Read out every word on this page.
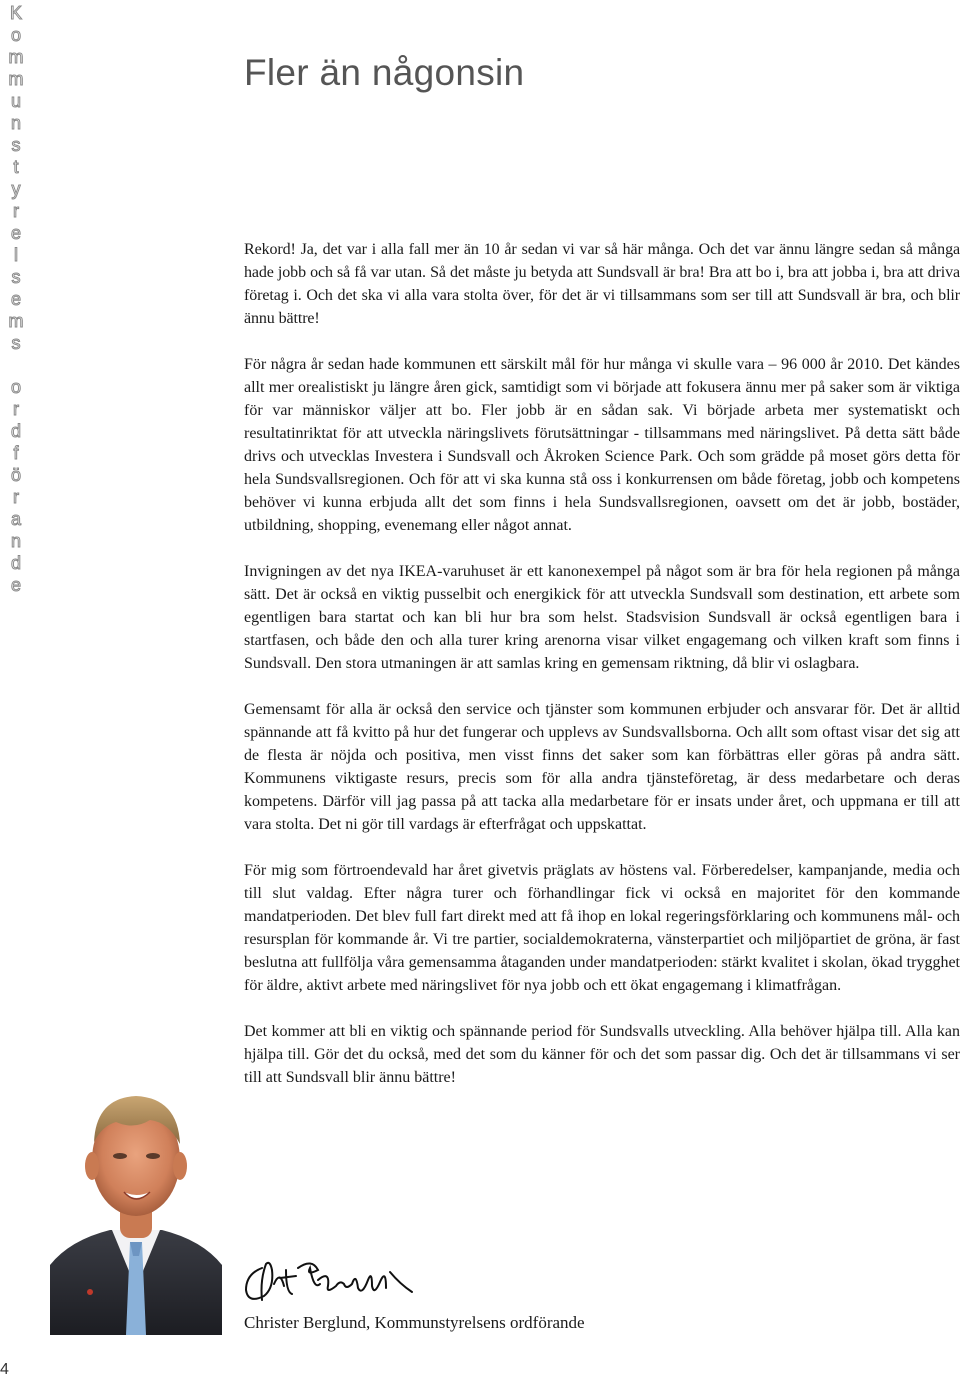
K
o
m
m
u
n
s
t
y
r
e
l
s
e
m
s
o
r
d
f
ö
r
a
n
d
e
Fler än någonsin

Rekord! Ja, det var i alla fall mer än 10 år sedan vi var så här många. Och det var ännu längre sedan så många hade jobb och så få var utan. Så det måste ju betyda att Sundsvall är bra! Bra att bo i, bra att jobba i, bra att driva företag i. Och det ska vi alla vara stolta över, för det är vi tillsammans som ser till att Sundsvall är bra, och blir ännu bättre!

För några år sedan hade kommunen ett särskilt mål för hur många vi skulle vara – 96 000 år 2010. Det kändes allt mer orealistiskt ju längre åren gick, samtidigt som vi började att fokusera ännu mer på saker som är viktiga för var människor väljer att bo. Fler jobb är en sådan sak. Vi började arbeta mer systematiskt och resultatinriktat för att utveckla näringslivets förutsättningar - tillsammans med näringslivet. På detta sätt både drivs och utvecklas Investera i Sundsvall och Åkroken Science Park. Och som grädde på moset görs detta för hela Sundsvallsregionen. Och för att vi ska kunna stå oss i konkurrensen om både företag, jobb och kompetens behöver vi kunna erbjuda allt det som finns i hela Sundsvallsregionen, oavsett om det är jobb, bostäder, utbildning, shopping, evenemang eller något annat.

Invigningen av det nya IKEA-varuhuset är ett kanonexempel på något som är bra för hela regionen på många sätt. Det är också en viktig pusselbit och energikick för att utveckla Sundsvall som destination, ett arbete som egentligen bara startat och kan bli hur bra som helst. Stadsvision Sundsvall är också egentligen bara i startfasen, och både den och alla turer kring arenorna visar vilket engagemang och vilken kraft som finns i Sundsvall. Den stora utmaningen är att samlas kring en gemensam riktning, då blir vi oslagbara.

Gemensamt för alla är också den service och tjänster som kommunen erbjuder och ansvarar för. Det är alltid spännande att få kvitto på hur det fungerar och upplevs av Sundsvallsborna. Och allt som oftast visar det sig att de flesta är nöjda och positiva, men visst finns det saker som kan förbättras eller göras på andra sätt. Kommunens viktigaste resurs, precis som för alla andra tjänsteföretag, är dess medarbetare och deras kompetens. Därför vill jag passa på att tacka alla medarbetare för er insats under året, och uppmana er till att vara stolta. Det ni gör till vardags är efterfrågat och uppskattat.

För mig som förtroendevald har året givetvis präglats av höstens val. Förberedelser, kampanjande, media och till slut valdag. Efter några turer och förhandlingar fick vi också en majoritet för den kommande mandatperioden. Det blev full fart direkt med att få ihop en lokal regeringsförklaring och kommunens mål- och resursplan för kommande år. Vi tre partier, socialdemokraterna, vänsterpartiet och miljöpartiet de gröna, är fast beslutna att fullfölja våra gemensamma åtaganden under mandatperioden: stärkt kvalitet i skolan, ökad trygghet för äldre, aktivt arbete med näringslivet för nya jobb och ett ökat engagemang i klimatfrågan.

Det kommer att bli en viktig och spännande period för Sundsvalls utveckling. Alla behöver hjälpa till. Alla kan hjälpa till. Gör det du också, med det som du känner för och det som passar dig. Och det är tillsammans vi ser till att Sundsvall blir ännu bättre!

Christer Berglund, Kommunstyrelsens ordförande
4
